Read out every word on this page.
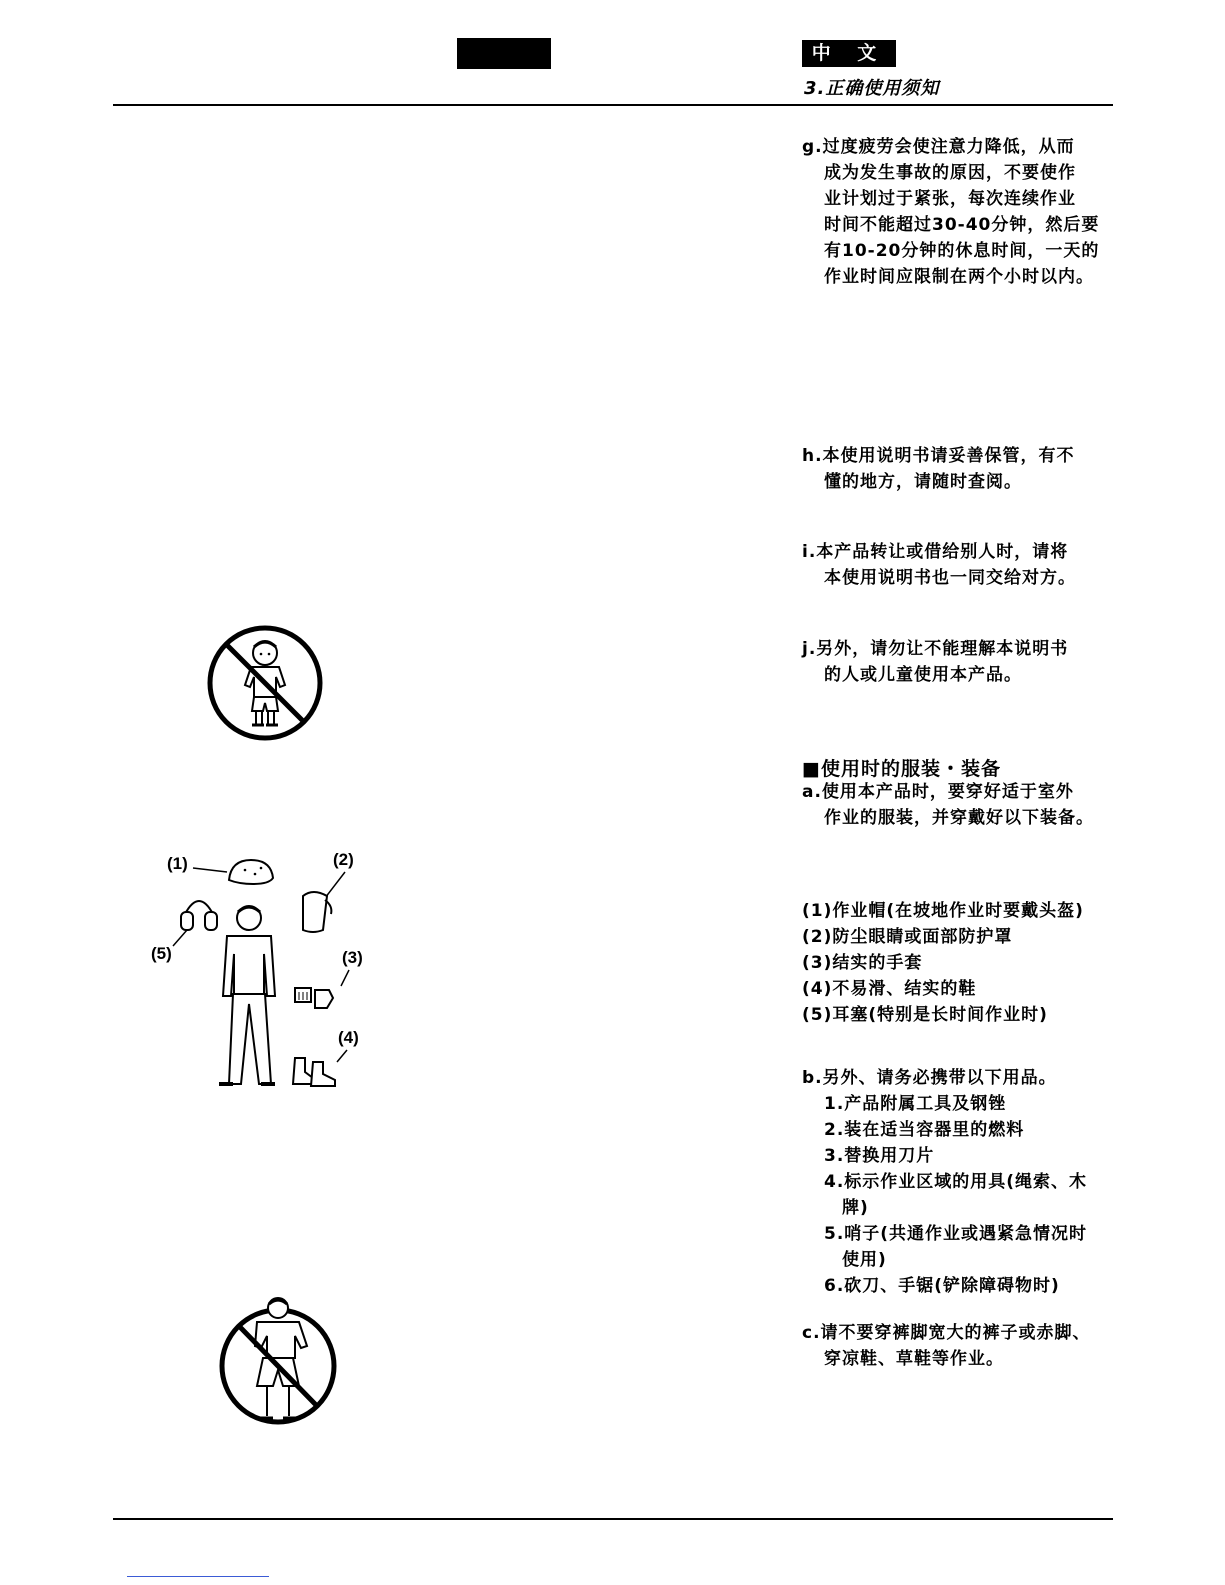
中 文
3.正确使用须知
g.过度疲劳会使注意力降低，从而
成为发生事故的原因，不要使作
业计划过于紧张，每次连续作业
时间不能超过30-40分钟，然后要
有10-20分钟的休息时间，一天的
作业时间应限制在两个小时以内。
h.本使用说明书请妥善保管，有不
懂的地方，请随时查阅。
i.本产品转让或借给别人时，请将
本使用说明书也一同交给对方。
j.另外，请勿让不能理解本说明书
的人或儿童使用本产品。
■使用时的服装・装备
a.使用本产品时，要穿好适于室外
作业的服装，并穿戴好以下装备。
(1)作业帽(在坡地作业时要戴头盔)
(2)防尘眼睛或面部防护罩
(3)结实的手套
(4)不易滑、结实的鞋
(5)耳塞(特别是长时间作业时)
b.另外、请务必携带以下用品。
1.产品附属工具及钢锉
2.装在适当容器里的燃料
3.替换用刀片
4.标示作业区域的用具(绳索、木
牌)
5.哨子(共通作业或遇紧急情况时
使用)
6.砍刀、手锯(铲除障碍物时)
c.请不要穿裤脚宽大的裤子或赤脚、
穿凉鞋、草鞋等作业。
(1)	(2)
(3)
(4)
(5)
